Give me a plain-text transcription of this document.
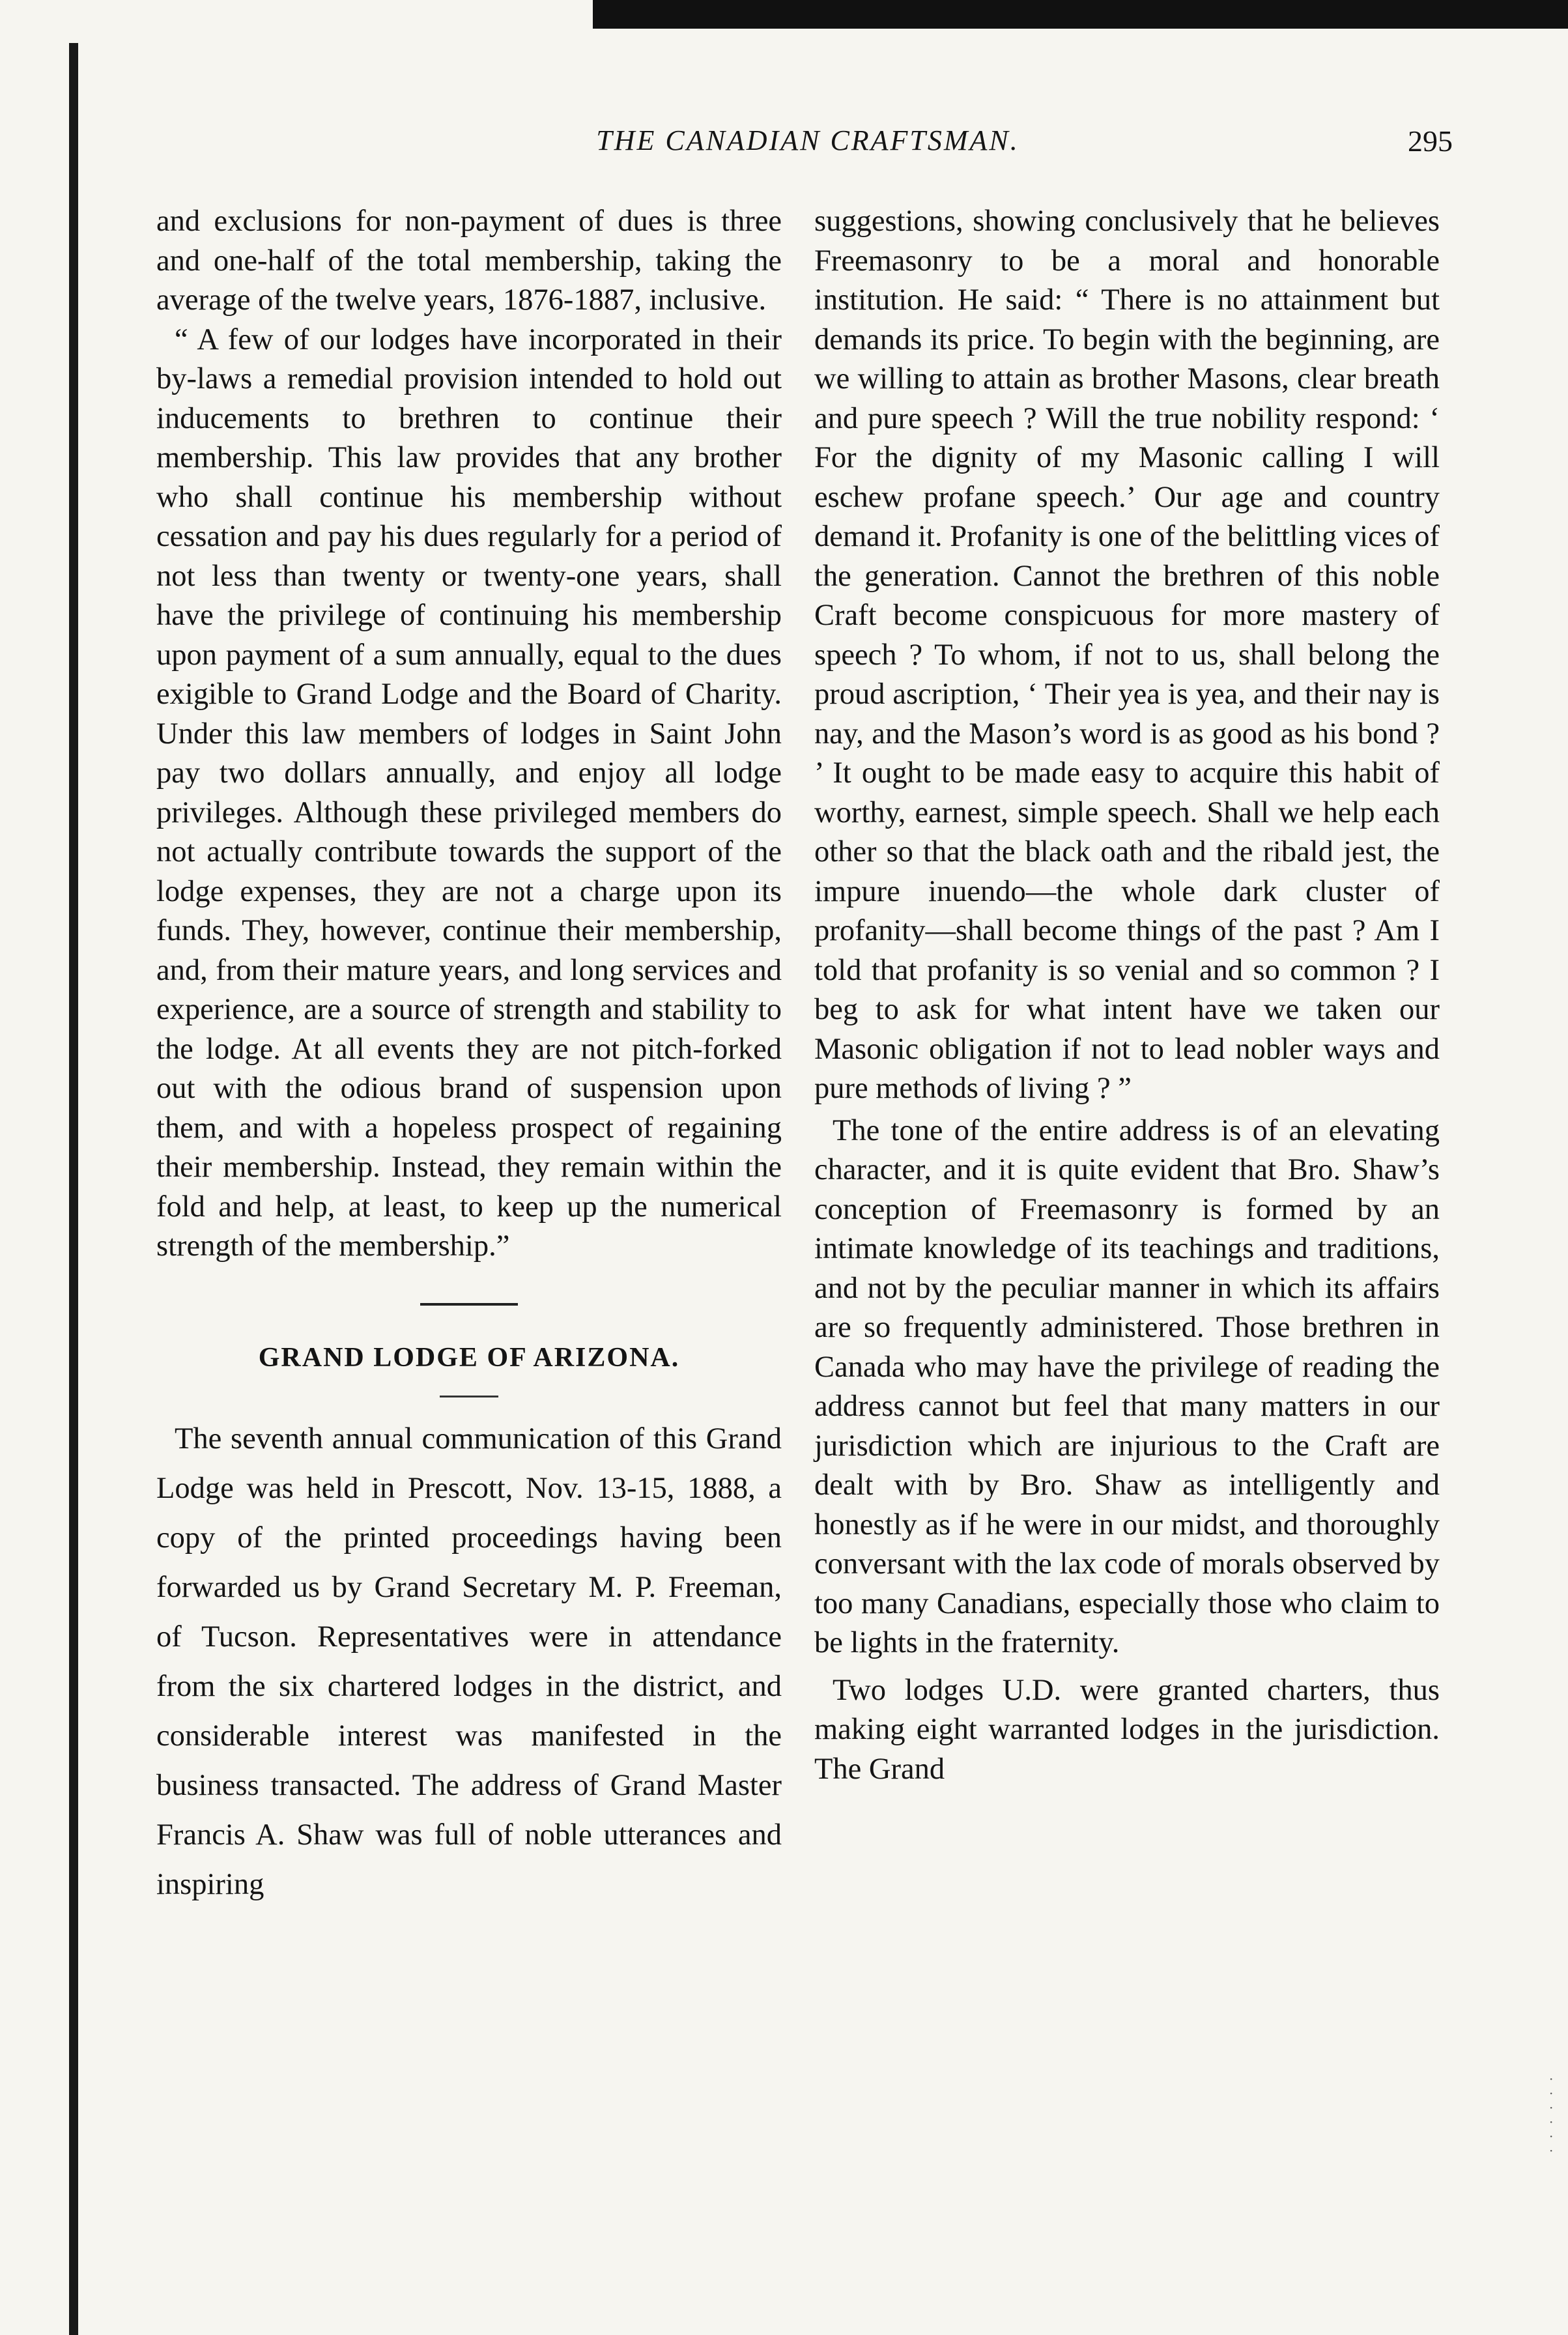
THE CANADIAN CRAFTSMAN.	295

and exclusions for non-payment of dues is three and one-half of the total membership, taking the average of the twelve years, 1876-1887, inclusive.

“ A few of our lodges have incorporated in their by-laws a remedial provision intended to hold out inducements to brethren to continue their membership. This law provides that any brother who shall continue his membership without cessation and pay his dues regularly for a period of not less than twenty or twenty-one years, shall have the privilege of continuing his membership upon payment of a sum annually, equal to the dues exigible to Grand Lodge and the Board of Charity. Under this law members of lodges in Saint John pay two dollars annually, and enjoy all lodge privileges. Although these privileged members do not actually contribute towards the support of the lodge expenses, they are not a charge upon its funds. They, however, continue their membership, and, from their mature years, and long services and experience, are a source of strength and stability to the lodge. At all events they are not pitch-forked out with the odious brand of suspension upon them, and with a hopeless prospect of regaining their membership. Instead, they remain within the fold and help, at least, to keep up the numerical strength of the membership.”

GRAND LODGE OF ARIZONA.

The seventh annual communication of this Grand Lodge was held in Prescott, Nov. 13-15, 1888, a copy of the printed proceedings having been forwarded us by Grand Secretary M. P. Freeman, of Tucson. Representatives were in attendance from the six chartered lodges in the district, and considerable interest was manifested in the business transacted. The address of Grand Master Francis A. Shaw was full of noble utterances and inspiring

suggestions, showing conclusively that he believes Freemasonry to be a moral and honorable institution. He said: “ There is no attainment but demands its price. To begin with the beginning, are we willing to attain as brother Masons, clear breath and pure speech ? Will the true nobility respond: ‘ For the dignity of my Masonic calling I will eschew profane speech.’ Our age and country demand it. Profanity is one of the belittling vices of the generation. Cannot the brethren of this noble Craft become conspicuous for more mastery of speech ? To whom, if not to us, shall belong the proud ascription, ‘ Their yea is yea, and their nay is nay, and the Mason’s word is as good as his bond ? ’ It ought to be made easy to acquire this habit of worthy, earnest, simple speech. Shall we help each other so that the black oath and the ribald jest, the impure inuendo—the whole dark cluster of profanity—shall become things of the past ? Am I told that profanity is so venial and so common ? I beg to ask for what intent have we taken our Masonic obligation if not to lead nobler ways and pure methods of living ? ”

The tone of the entire address is of an elevating character, and it is quite evident that Bro. Shaw’s conception of Freemasonry is formed by an intimate knowledge of its teachings and traditions, and not by the peculiar manner in which its affairs are so frequently administered. Those brethren in Canada who may have the privilege of reading the address cannot but feel that many matters in our jurisdiction which are injurious to the Craft are dealt with by Bro. Shaw as intelligently and honestly as if he were in our midst, and thoroughly conversant with the lax code of morals observed by too many Canadians, especially those who claim to be lights in the fraternity.

Two lodges U.D. were granted charters, thus making eight warranted lodges in the jurisdiction. The Grand

·
·
·
·
·
·
